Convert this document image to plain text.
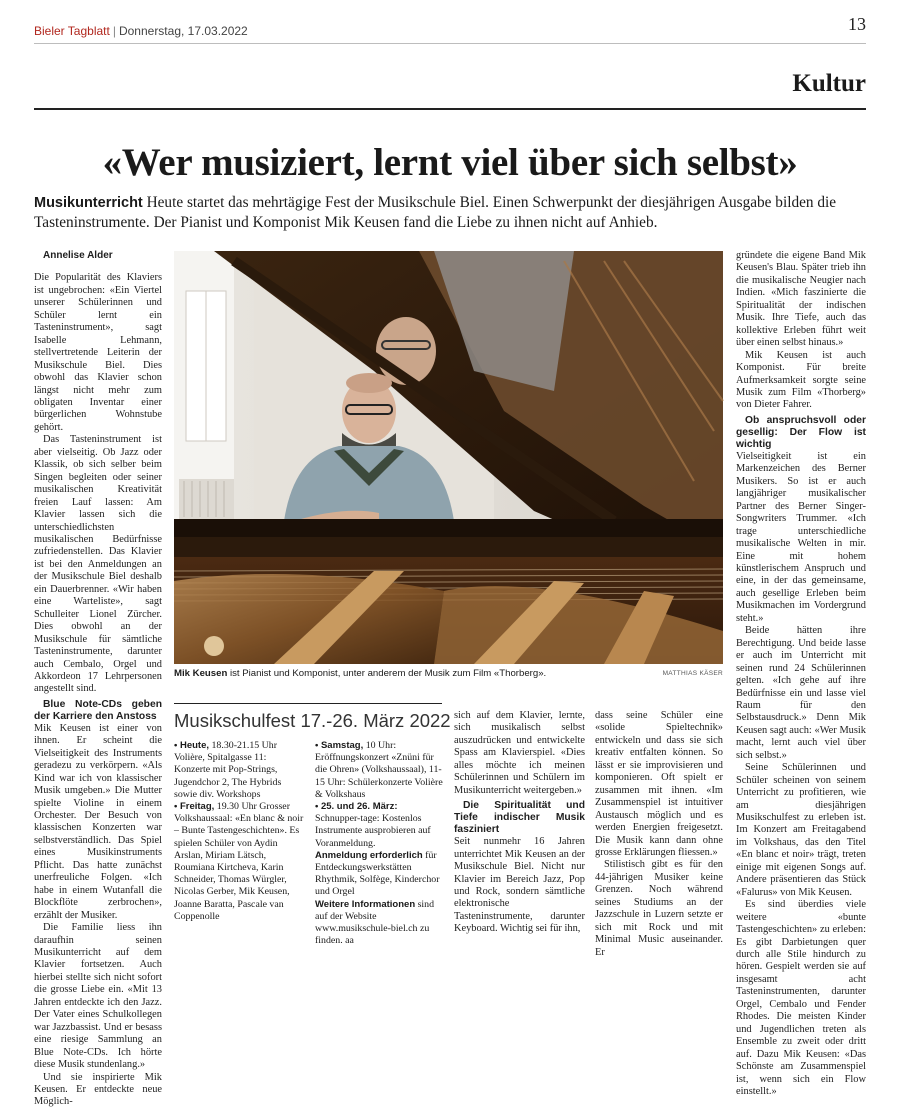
Bieler Tagblatt | Donnerstag, 17.03.2022	13
Kultur
«Wer musiziert, lernt viel über sich selbst»
Musikunterricht Heute startet das mehrtägige Fest der Musikschule Biel. Einen Schwerpunkt der diesjährigen Ausgabe bilden die Tasteninstrumente. Der Pianist und Komponist Mik Keusen fand die Liebe zu ihnen nicht auf Anhieb.

Annelise Alder

Die Popularität des Klaviers ist ungebrochen: «Ein Viertel unserer Schülerinnen und Schüler lernt ein Tasteninstrument», sagt Isabelle Lehmann, stellvertretende Leiterin der Musikschule Biel. Dies obwohl das Klavier schon längst nicht mehr zum obligaten Inventar einer bürgerlichen Wohnstube gehört.

Das Tasteninstrument ist aber vielseitig. Ob Jazz oder Klassik, ob sich selber beim Singen begleiten oder seiner musikalischen Kreativität freien Lauf lassen: Am Klavier lassen sich die unterschiedlichsten musikalischen Bedürfnisse zufriedenstellen. Das Klavier ist bei den Anmeldungen an der Musikschule Biel deshalb ein Dauerbrenner. «Wir haben eine Warteliste», sagt Schulleiter Lionel Zürcher. Dies obwohl an der Musikschule für sämtliche Tasteninstrumente, darunter auch Cembalo, Orgel und Akkordeon 17 Lehrpersonen angestellt sind.

Blue Note-CDs geben der Karriere den Anstoss

Mik Keusen ist einer von ihnen. Er scheint die Vielseitigkeit des Instruments geradezu zu verkörpern. «Als Kind war ich von klassischer Musik umgeben.» Die Mutter spielte Violine in einem Orchester. Der Besuch von klassischen Konzerten war selbstverständlich. Das Spiel eines Musikinstruments Pflicht. Das hatte zunächst unerfreuliche Folgen. «Ich habe in einem Wutanfall die Blockflöte zerbrochen», erzählt der Musiker.

Die Familie liess ihn daraufhin seinen Musikunterricht auf dem Klavier fortsetzen. Auch hierbei stellte sich nicht sofort die grosse Liebe ein. «Mit 13 Jahren entdeckte ich den Jazz. Der Vater eines Schulkollegen war Jazzbassist. Und er besass eine riesige Sammlung an Blue Note-CDs. Ich hörte diese Musik stundenlang.»

Und sie inspirierte Mik Keusen. Er entdeckte neue Möglich-

Mik Keusen ist Pianist und Komponist, unter anderem der Musik zum Film «Thorberg».	MATTHIAS KÄSER
Musikschulfest 17.-26. März 2022

• Heute, 18.30-21.15 Uhr Volière, Spitalgasse 11: Konzerte mit Pop-Strings, Jugendchor 2, The Hybrids sowie div. Workshops

• Freitag, 19.30 Uhr Grosser Volkshaussaal: «En blanc & noir – Bunte Tastengeschichten». Es spielen Schüler von Aydin Arslan, Miriam Lätsch, Roumiana Kirtcheva, Karin Schneider, Thomas Würgler, Nicolas Gerber, Mik Keusen, Joanne Baratta, Pascale van Coppenolle

• Samstag, 10 Uhr: Eröffnungskonzert «Znüni für die Ohren» (Volkshaussaal), 11-15 Uhr: Schülerkonzerte Volière & Volkshaus

• 25. und 26. März: Schnupper-tage: Kostenlos Instrumente ausprobieren auf Voranmeldung.

Anmeldung erforderlich für Entdeckungswerkstätten Rhythmik, Solfège, Kinderchor und Orgel

Weitere Informationen sind auf der Website www.musikschule-biel.ch zu finden. aa

sich auf dem Klavier, lernte, sich musikalisch selbst auszudrücken und entwickelte Spass am Klavierspiel. «Dies alles möchte ich meinen Schülerinnen und Schülern im Musikunterricht weitergeben.»

Die Spiritualität und Tiefe indischer Musik fasziniert

Seit nunmehr 16 Jahren unterrichtet Mik Keusen an der Musikschule Biel. Nicht nur Klavier im Bereich Jazz, Pop und Rock, sondern sämtliche elektronische Tasteninstrumente, darunter Keyboard. Wichtig sei für ihn,

dass seine Schüler eine «solide Spieltechnik» entwickeln und dass sie sich kreativ entfalten können. So lässt er sie improvisieren und komponieren. Oft spielt er zusammen mit ihnen. «Im Zusammenspiel ist intuitiver Austausch möglich und es werden Energien freigesetzt. Die Musik kann dann ohne grosse Erklärungen fliessen.»

Stilistisch gibt es für den 44-jährigen Musiker keine Grenzen. Noch während seines Studiums an der Jazzschule in Luzern setzte er sich mit Rock und mit Minimal Music auseinander. Er

gründete die eigene Band Mik Keusen's Blau. Später trieb ihn die musikalische Neugier nach Indien. «Mich faszinierte die Spiritualität der indischen Musik. Ihre Tiefe, auch das kollektive Erleben führt weit über einen selbst hinaus.»

Mik Keusen ist auch Komponist. Für breite Aufmerksamkeit sorgte seine Musik zum Film «Thorberg» von Dieter Fahrer.

Ob anspruchsvoll oder gesellig: Der Flow ist wichtig

Vielseitigkeit ist ein Markenzeichen des Berner Musikers. So ist er auch langjähriger musikalischer Partner des Berner Singer-Songwriters Trummer. «Ich trage unterschiedliche musikalische Welten in mir. Eine mit hohem künstlerischem Anspruch und eine, in der das gemeinsame, auch gesellige Erleben beim Musikmachen im Vordergrund steht.»

Beide hätten ihre Berechtigung. Und beide lasse er auch im Unterricht mit seinen rund 24 Schülerinnen gelten. «Ich gehe auf ihre Bedürfnisse ein und lasse viel Raum für den Selbstausdruck.» Denn Mik Keusen sagt auch: «Wer Musik macht, lernt auch viel über sich selbst.»

Seine Schülerinnen und Schüler scheinen von seinem Unterricht zu profitieren, wie am diesjährigen Musikschulfest zu erleben ist. Im Konzert am Freitagabend im Volkshaus, das den Titel «En blanc et noir» trägt, treten einige mit eigenen Songs auf. Andere präsentieren das Stück «Falurus» von Mik Keusen.

Es sind überdies viele weitere «bunte Tastengeschichten» zu erleben: Es gibt Darbietungen quer durch alle Stile hindurch zu hören. Gespielt werden sie auf insgesamt acht Tasteninstrumenten, darunter Orgel, Cembalo und Fender Rhodes. Die meisten Kinder und Jugendlichen treten als Ensemble zu zweit oder dritt auf. Dazu Mik Keusen: «Das Schönste am Zusammenspiel ist, wenn sich ein Flow einstellt.»
